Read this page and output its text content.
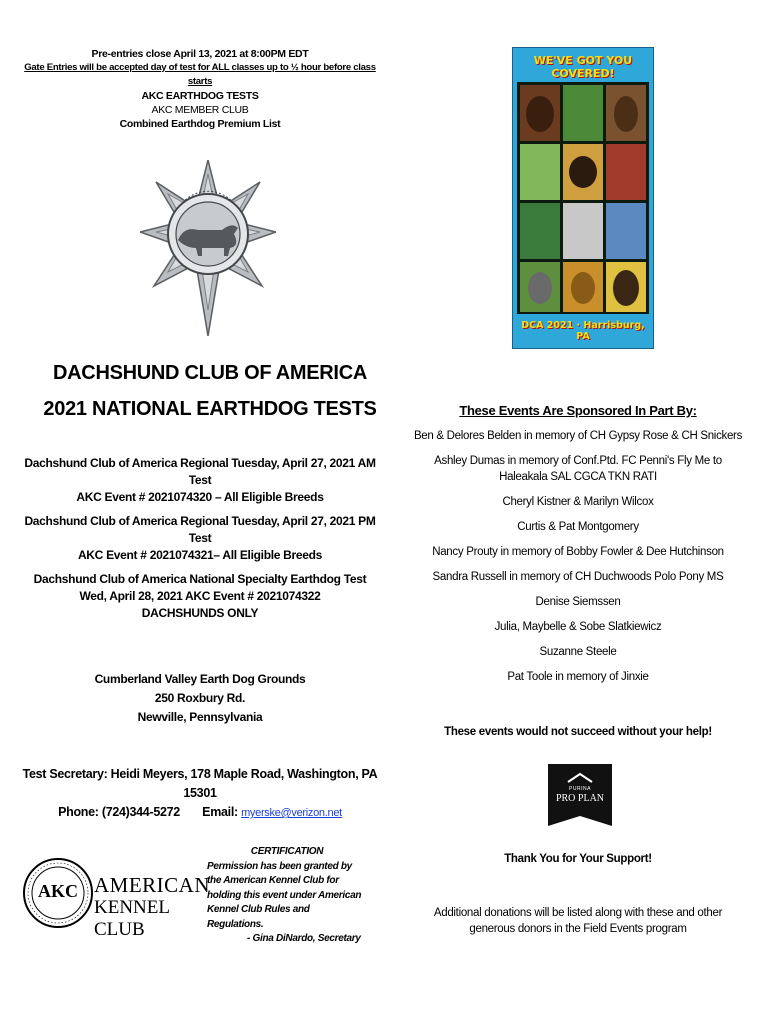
Pre-entries close April 13, 2021 at 8:00PM EDT
Gate Entries will be accepted day of test for ALL classes up to ½ hour before class starts
AKC EARTHDOG TESTS
AKC MEMBER CLUB
Combined Earthdog Premium List
WE'VE GOT YOU COVERED!
DCA 2021 · Harrisburg, PA
DACHSHUND CLUB OF AMERICA
2021 NATIONAL EARTHDOG TESTS
Dachshund Club of America Regional Tuesday, April 27, 2021 AM Test
AKC Event # 2021074320 – All Eligible Breeds
Dachshund Club of America Regional Tuesday, April 27, 2021 PM Test
AKC Event # 2021074321– All Eligible Breeds
Dachshund Club of America National Specialty Earthdog Test
Wed, April 28, 2021 AKC Event # 2021074322
DACHSHUNDS ONLY
Cumberland Valley Earth Dog Grounds
250 Roxbury Rd.
Newville, Pennsylvania
Test Secretary: Heidi Meyers, 178 Maple Road, Washington, PA 15301
Phone: (724)344-5272 Email: myerske@verizon.net
AKC AMERICAN
KENNEL CLUB
CERTIFICATION
Permission has been granted by the American Kennel Club for holding this event under American Kennel Club Rules and Regulations.
- Gina DiNardo, Secretary
These Events Are Sponsored In Part By:
Ben & Delores Belden in memory of CH Gypsy Rose & CH Snickers
Ashley Dumas in memory of Conf.Ptd. FC Penni's Fly Me to Haleakala SAL CGCA TKN RATI
Cheryl Kistner & Marilyn Wilcox
Curtis & Pat Montgomery
Nancy Prouty in memory of Bobby Fowler & Dee Hutchinson
Sandra Russell in memory of CH Duchwoods Polo Pony MS
Denise Siemssen
Julia, Maybelle & Sobe Slatkiewicz
Suzanne Steele
Pat Toole in memory of Jinxie
These events would not succeed without your help!
PURINA
PRO PLAN
Thank You for Your Support!
Additional donations will be listed along with these and other generous donors in the Field Events program
